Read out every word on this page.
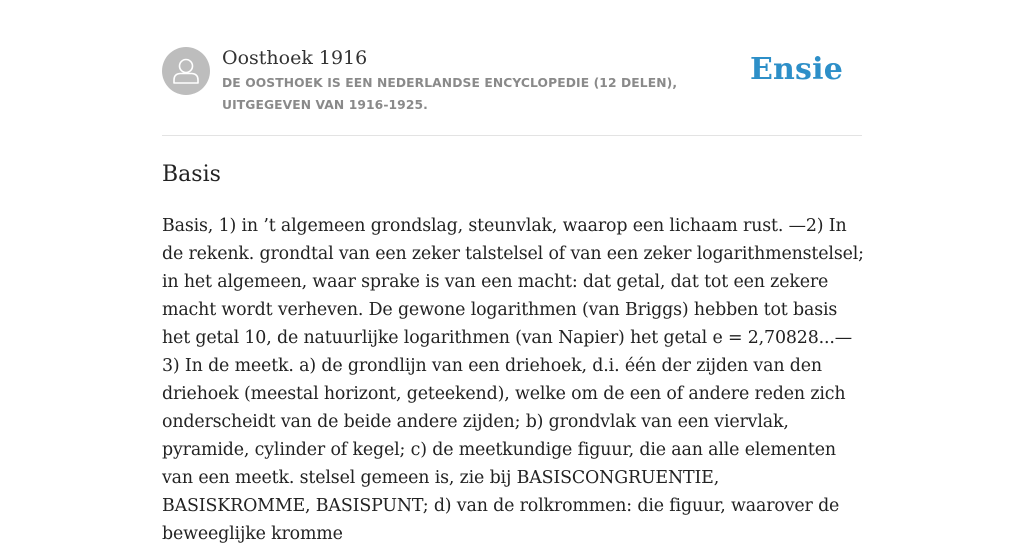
Oosthoek 1916
DE OOSTHOEK IS EEN NEDERLANDSE ENCYCLOPEDIE (12 DELEN), UITGEGEVEN VAN 1916-1925.
Ensie
Basis

Basis, 1) in ’t algemeen grondslag, steunvlak, waarop een lichaam rust. —2) In de rekenk. grondtal van een zeker talstelsel of van een zeker logarithmenstelsel; in het algemeen, waar sprake is van een macht: dat getal, dat tot een zekere macht wordt verheven. De gewone logarithmen (van Briggs) hebben tot basis het getal 10, de natuurlijke logarithmen (van Napier) het getal e = 2,70828...— 3) In de meetk. a) de grondlijn van een driehoek, d.i. één der zijden van den driehoek (meestal horizont, geteekend), welke om de een of andere reden zich onderscheidt van de beide andere zijden; b) grondvlak van een viervlak, pyramide, cylinder of kegel; c) de meetkundige figuur, die aan alle elementen van een meetk. stelsel gemeen is, zie bij BASISCONGRUENTIE, BASISKROMME, BASISPUNT; d) van de rolkrommen: die figuur, waarover de beweeglijke kromme
